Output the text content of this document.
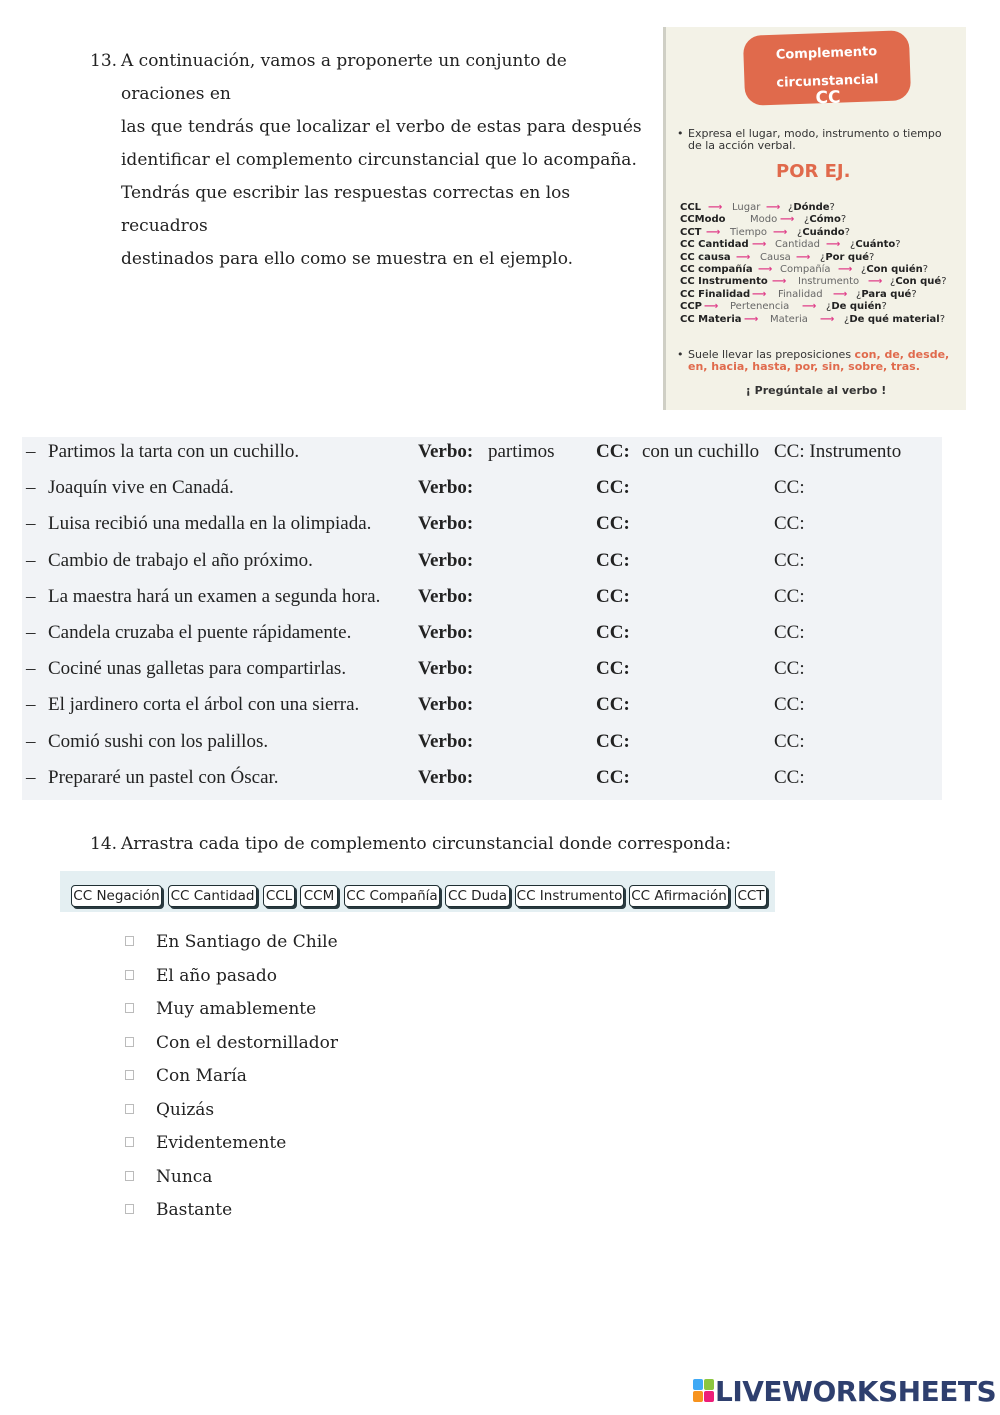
13. A continuación, vamos a proponerte un conjunto de oraciones en
las que tendrás que localizar el verbo de estas para después
identificar el complemento circunstancial que lo acompaña.
Tendrás que escribir las respuestas correctas en los recuadros
destinados para ello como se muestra en el ejemplo.
Complemento
circunstancial
CC
• Expresa el lugar, modo, instrumento o tiempo
de la acción verbal.
POR EJ.
CCL ⟶ Lugar ⟶ ¿Dónde?
CCModo Modo ⟶ ¿Cómo?
CCT ⟶ Tiempo ⟶ ¿Cuándo?
CC Cantidad ⟶ Cantidad ⟶ ¿Cuánto?
CC causa ⟶ Causa ⟶ ¿Por qué?
CC compañía ⟶ Compañía ⟶ ¿Con quién?
CC Instrumento ⟶ Instrumento ⟶ ¿Con qué?
CC Finalidad ⟶ Finalidad ⟶ ¿Para qué?
CCP ⟶ Pertenencia ⟶ ¿De quién?
CC Materia ⟶ Materia ⟶ ¿De qué material?
• Suele llevar las preposiciones con, de, desde,
en, hacia, hasta, por, sin, sobre, tras.
¡ Pregúntale al verbo !
– Partimos la tarta con un cuchillo.	Verbo: partimos CC: con un cuchillo CC: Instrumento
– Joaquín vive en Canadá.	Verbo:	CC:	CC:
– Luisa recibió una medalla en la olimpiada. Verbo:	CC:	CC:
– Cambio de trabajo el año próximo.	Verbo:	CC:	CC:
– La maestra hará un examen a segunda hora. Verbo:	CC:	CC:
– Candela cruzaba el puente rápidamente.	Verbo:	CC:	CC:
– Cociné unas galletas para compartirlas.	Verbo:	CC:	CC:
– El jardinero corta el árbol con una sierra.	Verbo:	CC:	CC:
– Comió sushi con los palillos.	Verbo:	CC:	CC:
– Prepararé un pastel con Óscar.	Verbo:	CC:	CC:
14. Arrastra cada tipo de complemento circunstancial donde corresponda:
CC Negación CC Cantidad CCL CCM CC Compañía CC Duda CC Instrumento CC Afirmación CCT
En Santiago de Chile
El año pasado
Muy amablemente
Con el destornillador
Con María
Quizás
Evidentemente
Nunca
Bastante
LIVEWORKSHEETS
